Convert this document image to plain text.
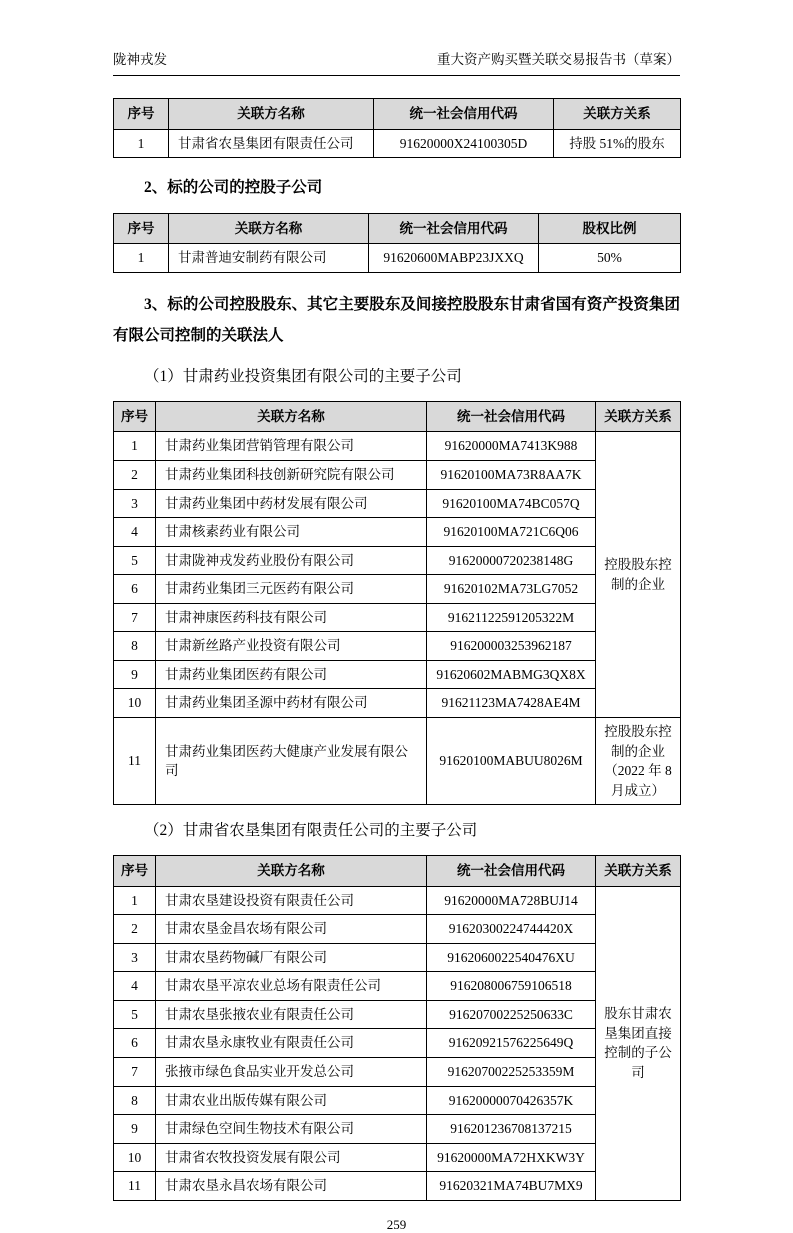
陇神戎发	重大资产购买暨关联交易报告书（草案）
序号	关联方名称	统一社会信用代码	关联方关系
1	甘肃省农垦集团有限责任公司	91620000X24100305D	持股 51%的股东
2、标的公司的控股子公司
序号	关联方名称	统一社会信用代码	股权比例
1	甘肃普迪安制药有限公司	91620600MABP23JXXQ	50%
3、标的公司控股股东、其它主要股东及间接控股股东甘肃省国有资产投资集团有限公司控制的关联法人
（1）甘肃药业投资集团有限公司的主要子公司
序号	关联方名称	统一社会信用代码	关联方关系
1	甘肃药业集团营销管理有限公司	91620000MA7413K988	控股股东控制的企业
2	甘肃药业集团科技创新研究院有限公司	91620100MA73R8AA7K	
3	甘肃药业集团中药材发展有限公司	91620100MA74BC057Q	
4	甘肃核素药业有限公司	91620100MA721C6Q06	
5	甘肃陇神戎发药业股份有限公司	91620000720238148G	
6	甘肃药业集团三元医药有限公司	91620102MA73LG7052	
7	甘肃神康医药科技有限公司	91621122591205322M	
8	甘肃新丝路产业投资有限公司	916200003253962187	
9	甘肃药业集团医药有限公司	91620602MABMG3QX8X	
10	甘肃药业集团圣源中药材有限公司	91621123MA7428AE4M	
11	甘肃药业集团医药大健康产业发展有限公司	91620100MABUU8026M	控股股东控制的企业（2022 年 8 月成立）
（2）甘肃省农垦集团有限责任公司的主要子公司
序号	关联方名称	统一社会信用代码	关联方关系
1	甘肃农垦建设投资有限责任公司	91620000MA728BUJ14	股东甘肃农垦集团直接控制的子公司
2	甘肃农垦金昌农场有限公司	91620300224744420X	
3	甘肃农垦药物碱厂有限公司	9162060022540476XU	
4	甘肃农垦平凉农业总场有限责任公司	916208006759106518	
5	甘肃农垦张掖农业有限责任公司	91620700225250633C	
6	甘肃农垦永康牧业有限责任公司	91620921576225649Q	
7	张掖市绿色食品实业开发总公司	91620700225253359M	
8	甘肃农业出版传媒有限公司	91620000070426357K	
9	甘肃绿色空间生物技术有限公司	916201236708137215	
10	甘肃省农牧投资发展有限公司	91620000MA72HXKW3Y	
11	甘肃农垦永昌农场有限公司	91620321MA74BU7MX9	
259
